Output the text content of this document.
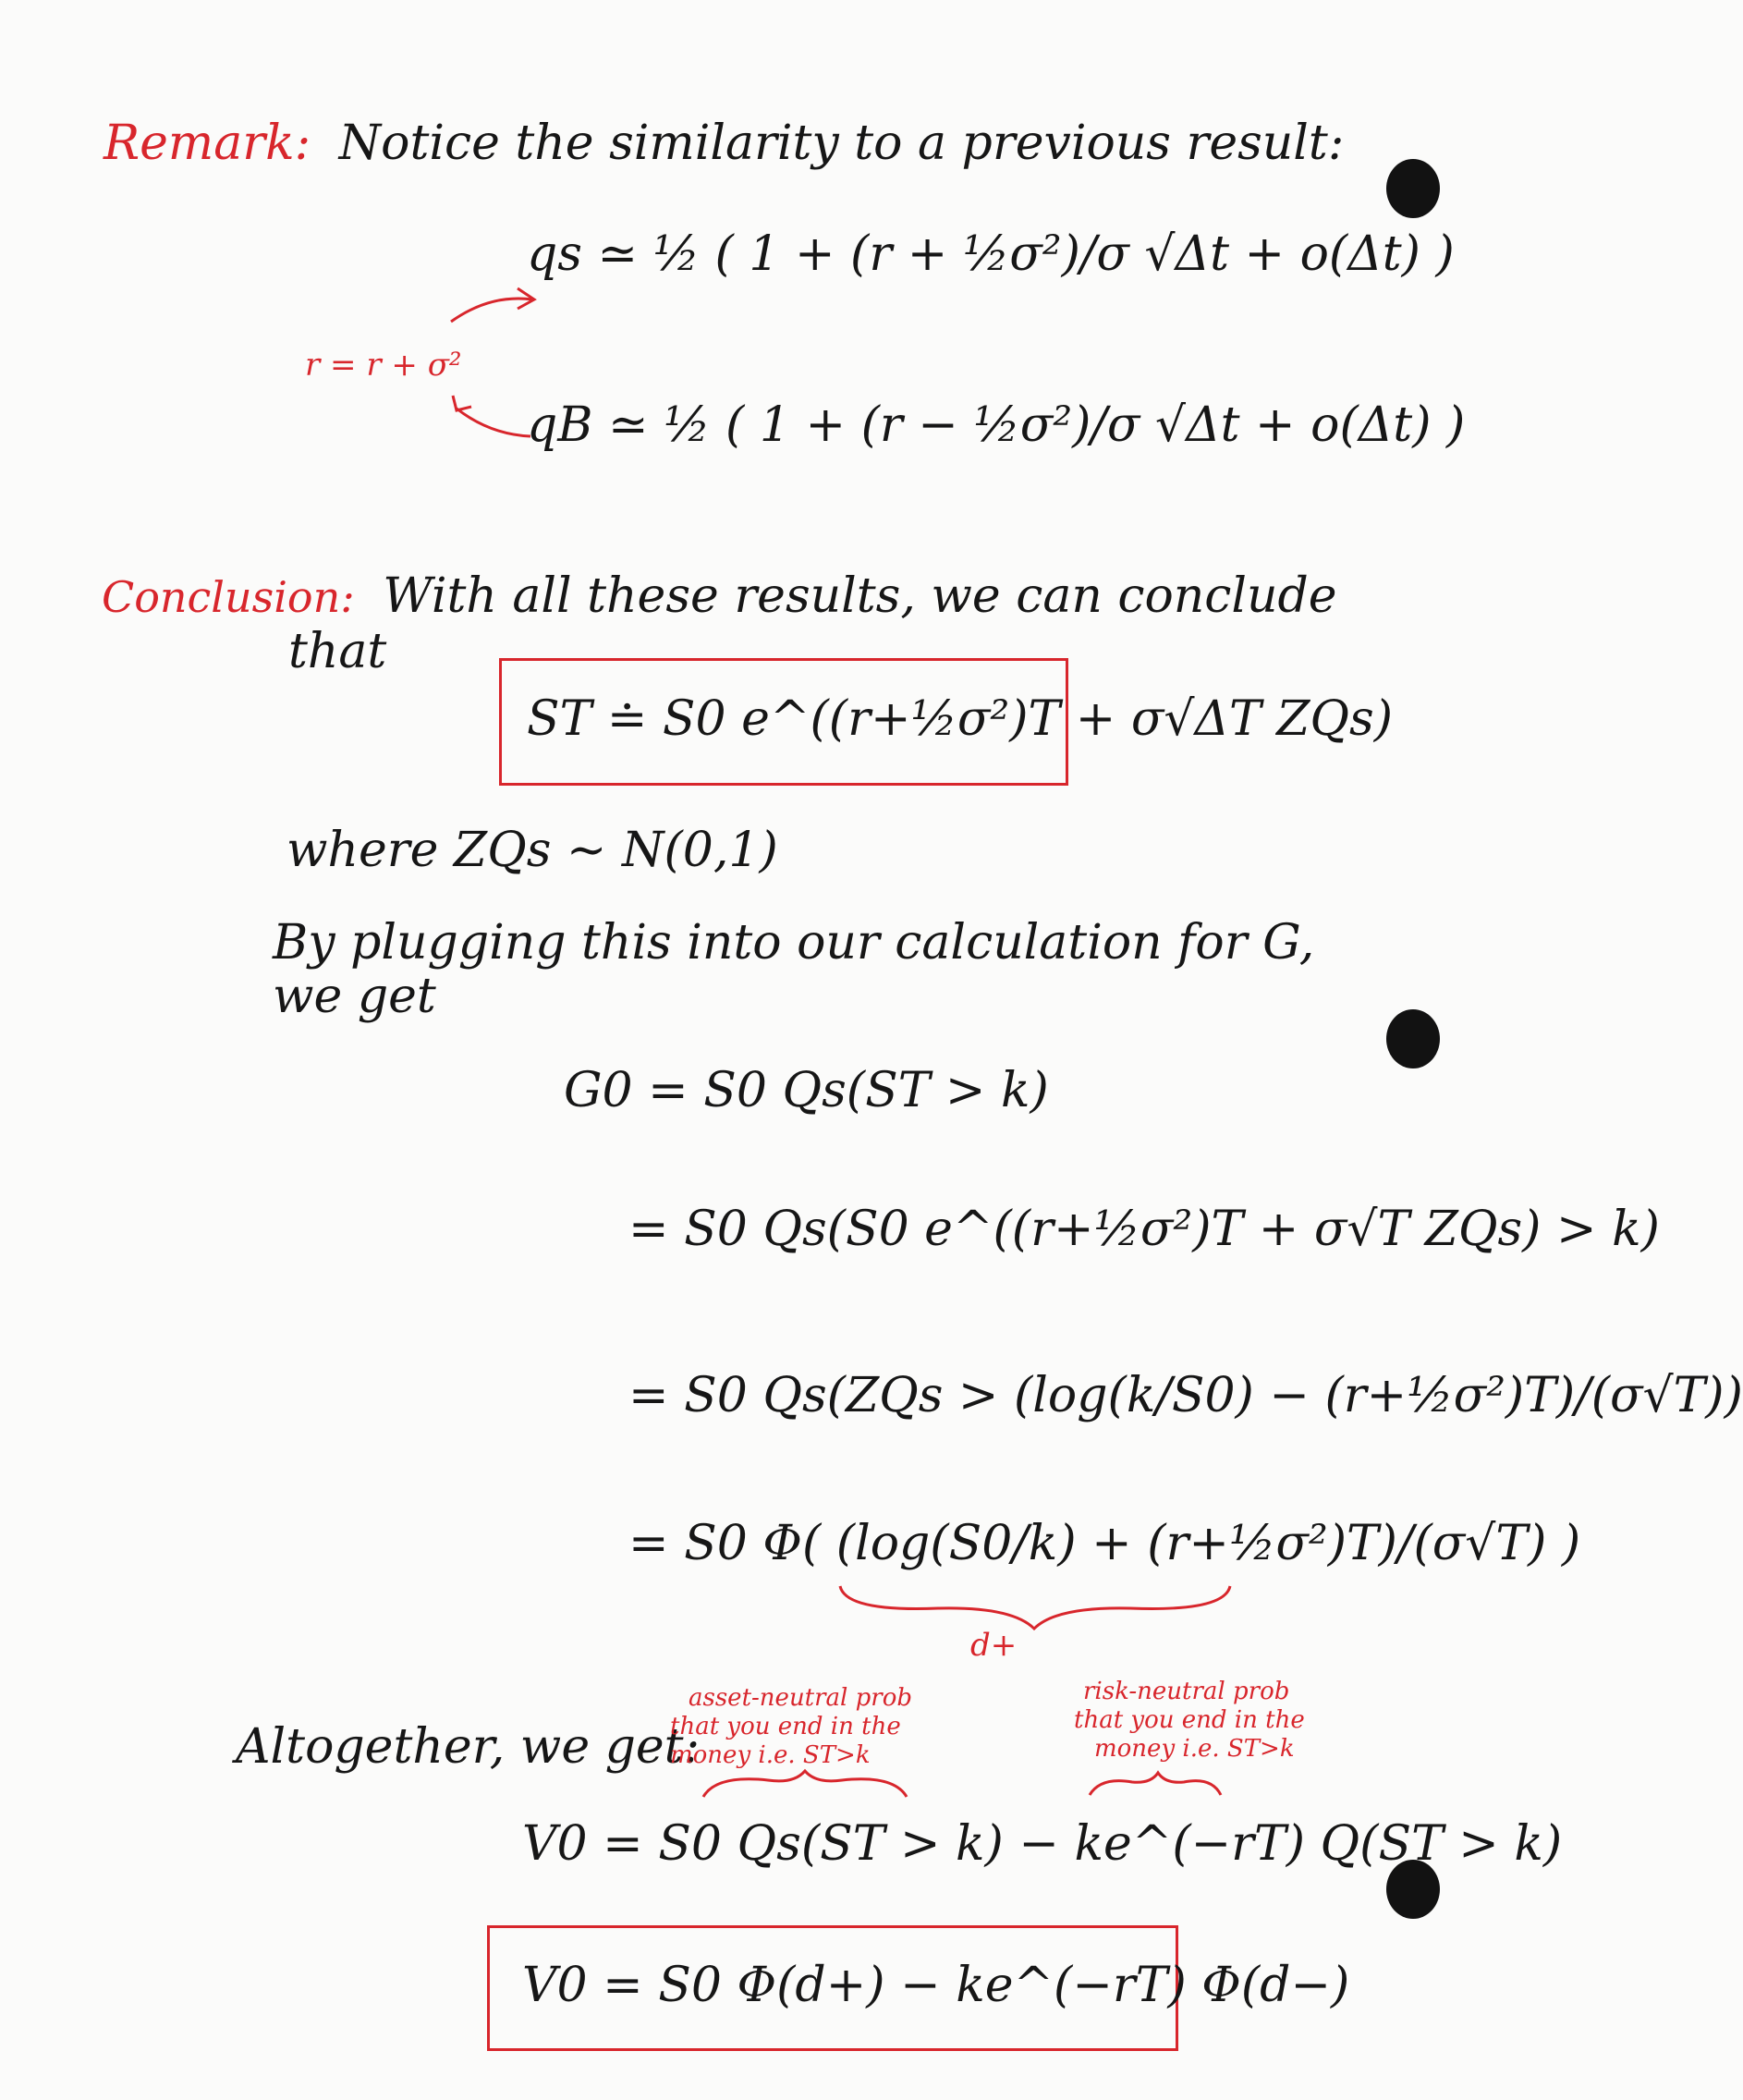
Remark: Notice the similarity to a previous result:
r = r + σ²
qs ≃ ½ ( 1 + (r + ½σ²)/σ √Δt + o(Δt) )
qB ≃ ½ ( 1 + (r − ½σ²)/σ √Δt + o(Δt) )
Conclusion: With all these results, we can conclude
that
ST ≐ S0 e^((r+½σ²)T + σ√ΔT ZQs)
where ZQs ∼ N(0,1)
By plugging this into our calculation for G,
we get
G0 = S0 Qs(ST > k)
= S0 Qs(S0 e^((r+½σ²)T + σ√T ZQs) > k)
= S0 Qs(ZQs > (log(k/S0) − (r+½σ²)T)/(σ√T))
= S0 Φ( (log(S0/k) + (r+½σ²)T)/(σ√T) )
d+
Altogether, we get:
asset-neutral prob
that you end in the
money i.e. ST>k
risk-neutral prob
that you end in the
money i.e. ST>k
V0 = S0 Qs(ST > k) − ke^(−rT) Q(ST > k)
V0 = S0 Φ(d+) − ke^(−rT) Φ(d−)
